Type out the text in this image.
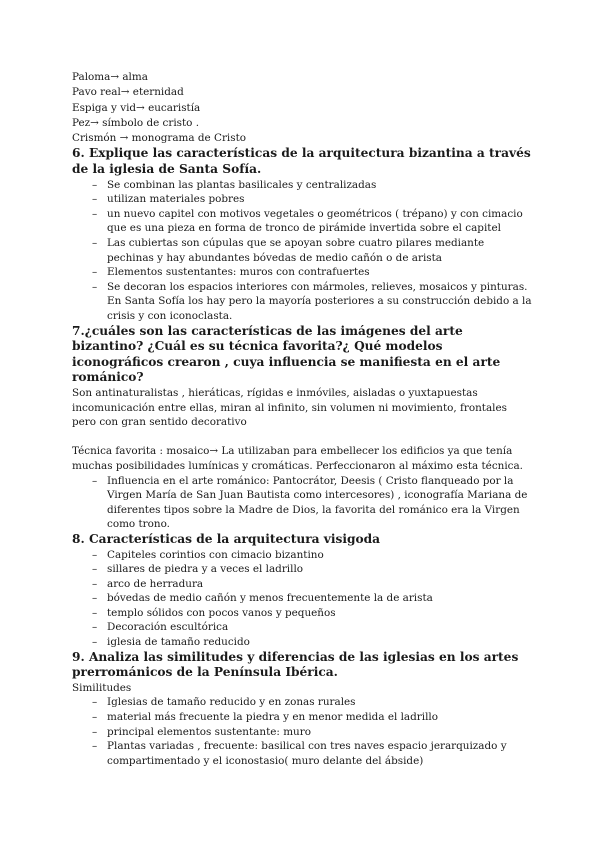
Paloma→ alma

Pavo real→ eternidad

Espiga y vid→ eucaristía

Pez→ símbolo de cristo .

Crismón → monograma de Cristo

6. Explique las características de la arquitectura bizantina a través de la iglesia de Santa Sofía.
– Se combinan las plantas basilicales y centralizadas
– utilizan materiales pobres
– un nuevo capitel con motivos vegetales o geométricos ( trépano) y con cimacio que es una pieza en forma de tronco de pirámide invertida sobre el capitel
– Las cubiertas son cúpulas que se apoyan sobre cuatro pilares mediante pechinas y hay abundantes bóvedas de medio cañón o de arista
– Elementos sustentantes: muros con contrafuertes
– Se decoran los espacios interiores con mármoles, relieves, mosaicos y pinturas. En Santa Sofía los hay pero la mayoría posteriores a su construcción debido a la crisis y con iconoclasta.
7.¿cuáles son las características de las imágenes del arte bizantino? ¿Cuál es su técnica favorita?¿ Qué modelos iconográficos crearon , cuya influencia se manifiesta en el arte románico?

Son antinaturalistas , hieráticas, rígidas e inmóviles, aisladas o yuxtapuestas incomunicación entre ellas, miran al infinito, sin volumen ni movimiento, frontales pero con gran sentido decorativo

Técnica favorita : mosaico→ La utilizaban para embellecer los edificios ya que tenía muchas posibilidades lumínicas y cromáticas. Perfeccionaron al máximo esta técnica.

– Influencia en el arte románico: Pantocrátor, Deesis ( Cristo flanqueado por la Virgen María de San Juan Bautista como intercesores) , iconografía Mariana de diferentes tipos sobre la Madre de Dios, la favorita del románico era la Virgen como trono.
8. Características de la arquitectura visigoda
– Capiteles corintios con cimacio bizantino
– sillares de piedra y a veces el ladrillo
– arco de herradura
– bóvedas de medio cañón y menos frecuentemente la de arista
– templo sólidos con pocos vanos y pequeños
– Decoración escultórica
– iglesia de tamaño reducido
9. Analiza las similitudes y diferencias de las iglesias en los artes prerrománicos de la Península Ibérica.

Similitudes

– Iglesias de tamaño reducido y en zonas rurales
– material más frecuente la piedra y en menor medida el ladrillo
– principal elementos sustentante: muro
– Plantas variadas , frecuente: basilical con tres naves espacio jerarquizado y compartimentado y el iconostasio( muro delante del ábside)
